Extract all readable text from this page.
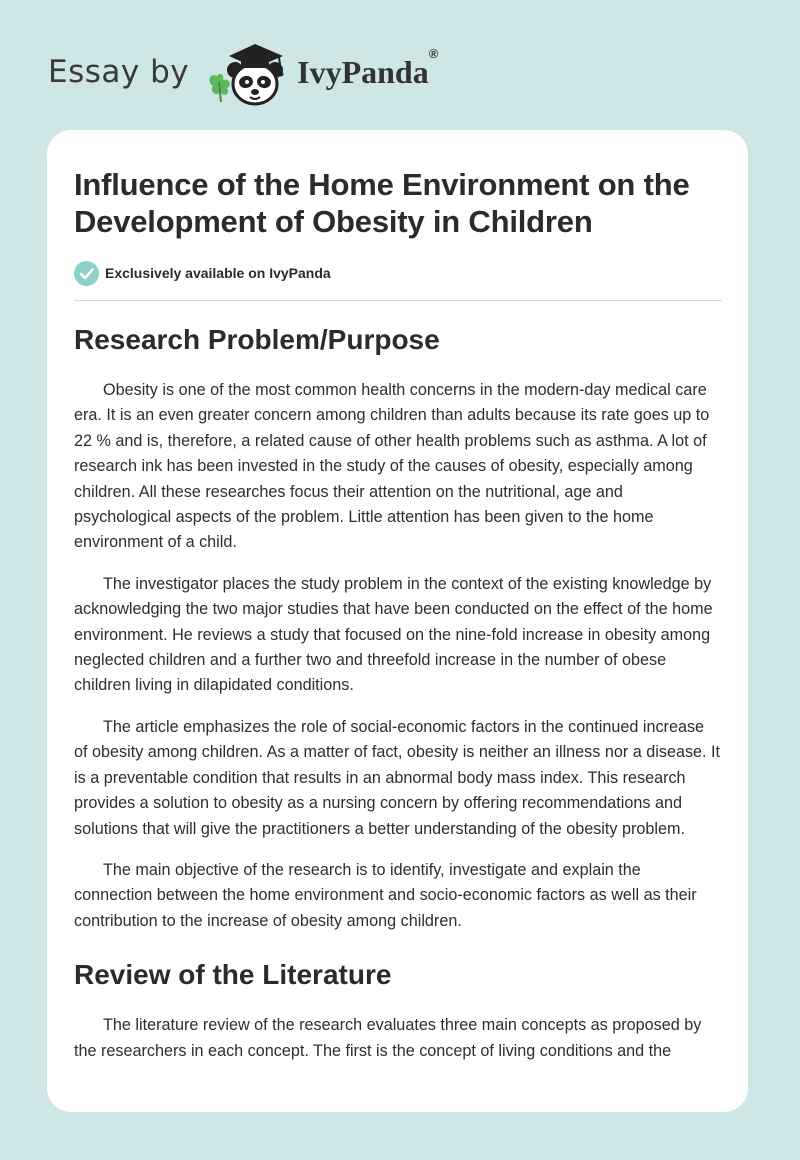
Essay by	IvyPanda®
Influence of the Home Environment on the Development of Obesity in Children
Exclusively available on IvyPanda
Research Problem/Purpose

Obesity is one of the most common health concerns in the modern-day medical care era. It is an even greater concern among children than adults because its rate goes up to 22 % and is, therefore, a related cause of other health problems such as asthma. A lot of research ink has been invested in the study of the causes of obesity, especially among children. All these researches focus their attention on the nutritional, age and psychological aspects of the problem. Little attention has been given to the home environment of a child.

The investigator places the study problem in the context of the existing knowledge by acknowledging the two major studies that have been conducted on the effect of the home environment. He reviews a study that focused on the nine-fold increase in obesity among neglected children and a further two and threefold increase in the number of obese children living in dilapidated conditions.

The article emphasizes the role of social-economic factors in the continued increase of obesity among children. As a matter of fact, obesity is neither an illness nor a disease. It is a preventable condition that results in an abnormal body mass index. This research provides a solution to obesity as a nursing concern by offering recommendations and solutions that will give the practitioners a better understanding of the obesity problem.

The main objective of the research is to identify, investigate and explain the connection between the home environment and socio-economic factors as well as their contribution to the increase of obesity among children.

Review of the Literature

The literature review of the research evaluates three main concepts as proposed by the researchers in each concept. The first is the concept of living conditions and the
